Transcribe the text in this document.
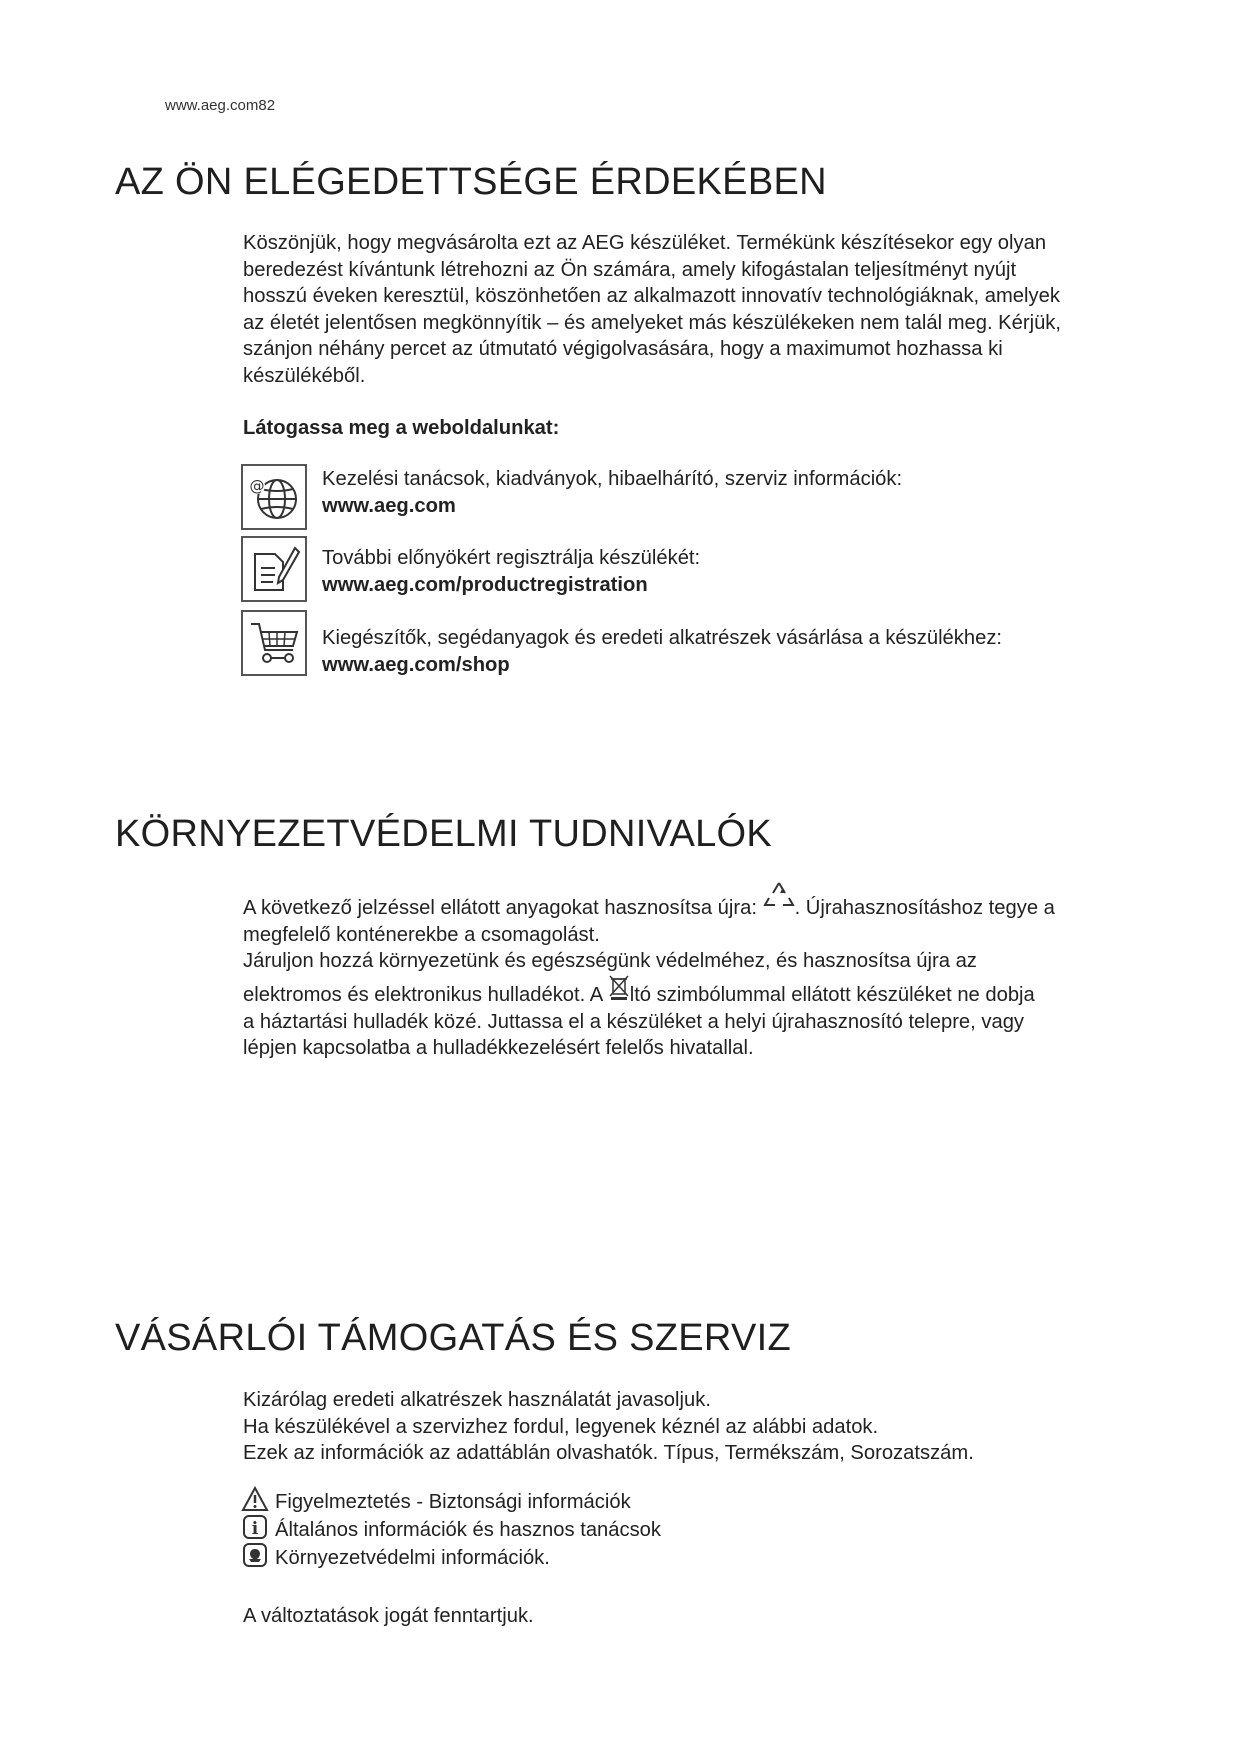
www.aeg.com82
AZ ÖN ELÉGEDETTSÉGE ÉRDEKÉBEN

Köszönjük, hogy megvásárolta ezt az AEG készüléket. Termékünk készítésekor egy olyan

beredezést kívántunk létrehozni az Ön számára, amely kifogástalan teljesítményt nyújt

hosszú éveken keresztül, köszönhetően az alkalmazott innovatív technológiáknak, amelyek

az életét jelentősen megkönnyítik – és amelyeket más készülékeken nem talál meg. Kérjük,

szánjon néhány percet az útmutató végigolvasására, hogy a maximumot hozhassa ki

készülékéből.

Látogassa meg a weboldalunkat:
@	Kezelési tanácsok, kiadványok, hibaelhárító, szerviz információk:
www.aeg.com
További előnyökért regisztrálja készülékét:
www.aeg.com/productregistration
Kiegészítők, segédanyagok és eredeti alkatrészek vásárlása a készülékhez:
www.aeg.com/shop
KÖRNYEZETVÉDELMI TUDNIVALÓK

A következő jelzéssel ellátott anyagokat hasznosítsa újra: . Újrahasznosításhoz tegye a

megfelelő konténerekbe a csomagolást.

Járuljon hozzá környezetünk és egészségünk védelméhez, és hasznosítsa újra az

elektromos és elektronikus hulladékot. A ltó szimbólummal ellátott készüléket ne dobja

a háztartási hulladék közé. Juttassa el a készüléket a helyi újrahasznosító telepre, vagy

lépjen kapcsolatba a hulladékkezelésért felelős hivatallal.

VÁSÁRLÓI TÁMOGATÁS ÉS SZERVIZ

Kizárólag eredeti alkatrészek használatát javasoljuk.

Ha készülékével a szervizhez fordul, legyenek kéznél az alábbi adatok.

Ezek az információk az adattáblán olvashatók. Típus, Termékszám, Sorozatszám.

Figyelmeztetés - Biztonsági információk
i Általános információk és hasznos tanácsok
Környezetvédelmi információk.
A változtatások jogát fenntartjuk.
